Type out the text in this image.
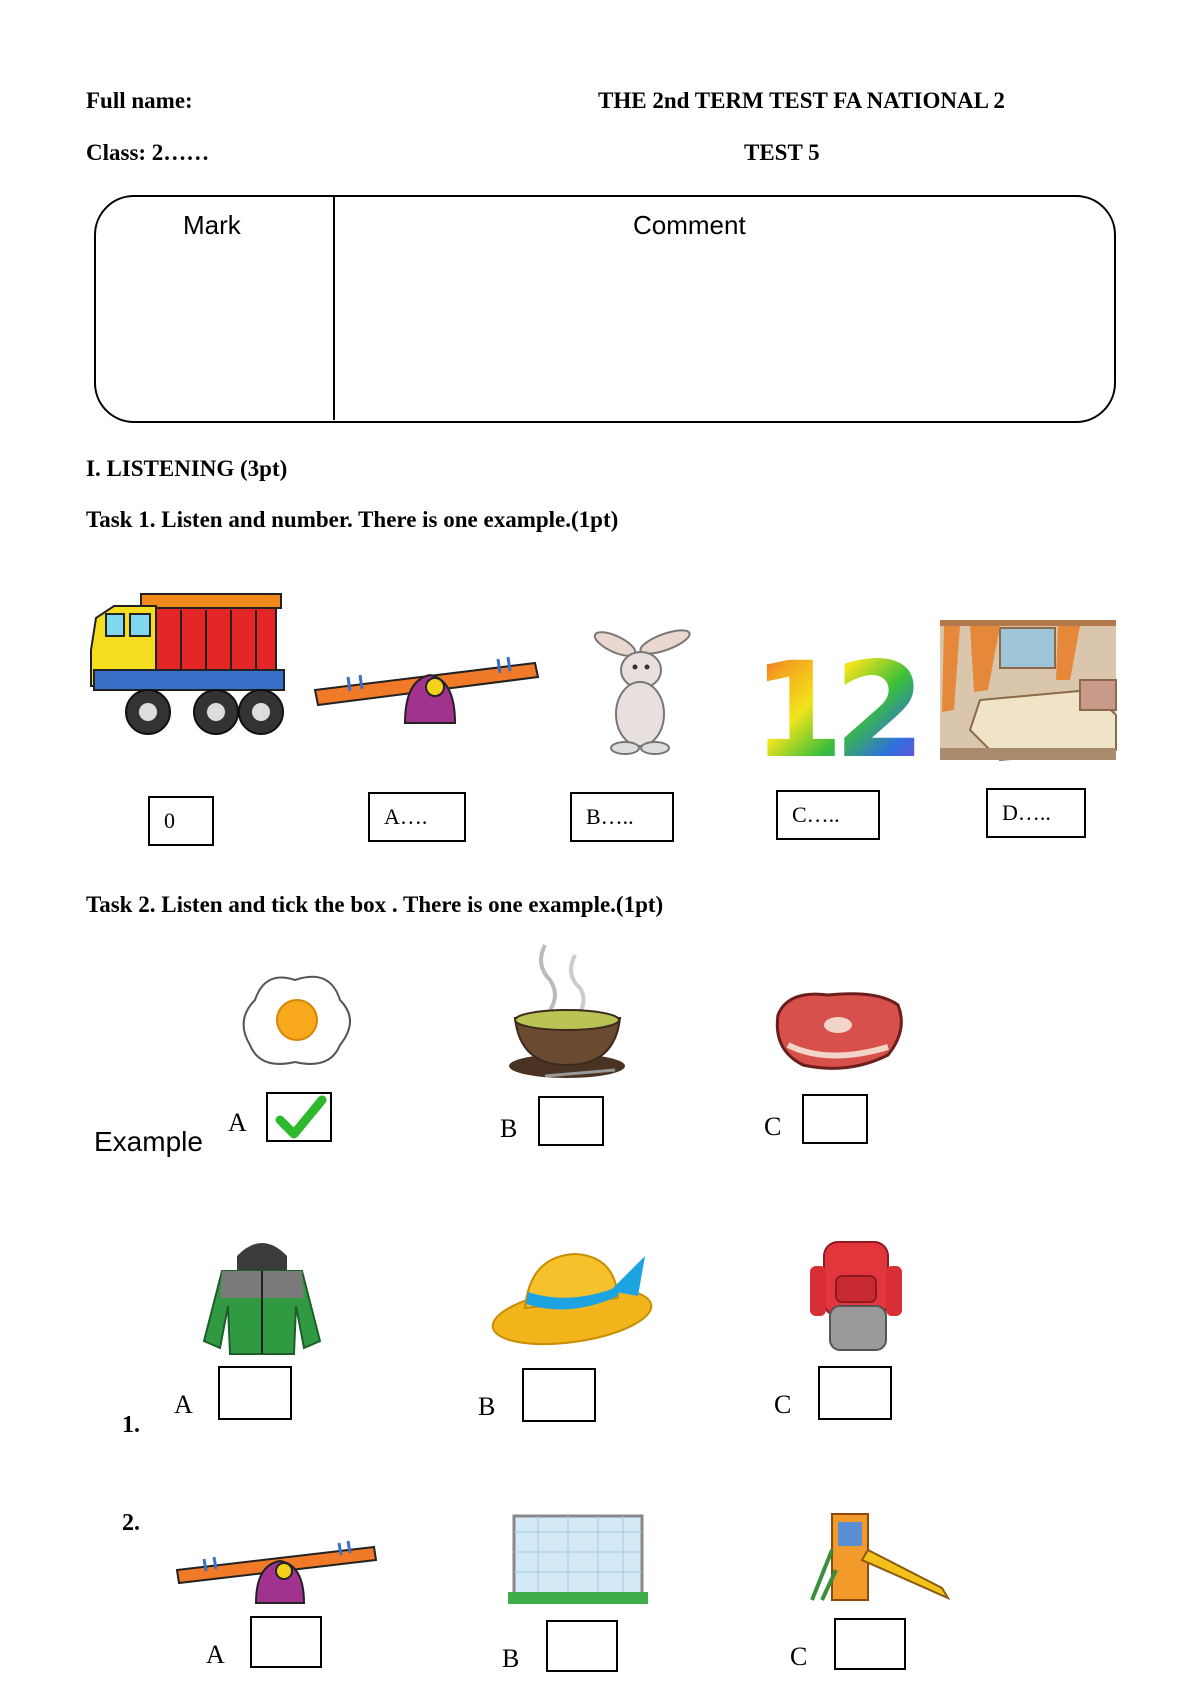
Full name:	THE 2nd TERM TEST FA NATIONAL 2
Class: 2……	TEST 5
Mark	Comment
I. LISTENING (3pt)
Task 1. Listen and number. There is one example.(1pt)
12
0	A….	B…..	C…..	D…..
Task 2. Listen and tick the box . There is one example.(1pt)
Example
A	B	C
1.
A	B	C
2.
A	B	C
